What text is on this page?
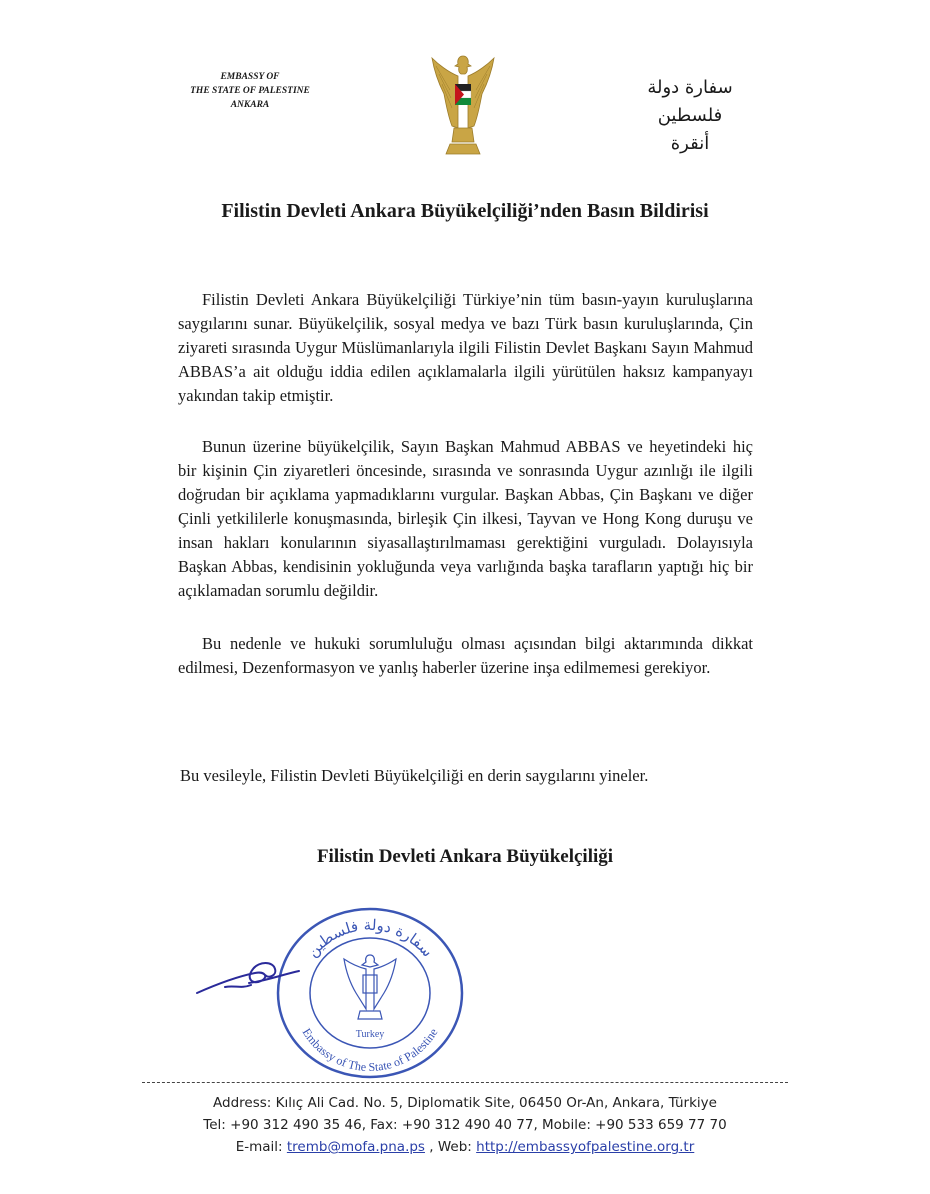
EMBASSY OF
THE STATE OF PALESTINE
ANKARA
سفارة دولة فلسطين
أنقرة
Filistin Devleti Ankara Büyükelçiliği’nden Basın Bildirisi

Filistin Devleti Ankara Büyükelçiliği Türkiye’nin tüm basın-yayın kuruluşlarına saygılarını sunar. Büyükelçilik, sosyal medya ve bazı Türk basın kuruluşlarında, Çin ziyareti sırasında Uygur Müslümanlarıyla ilgili Filistin Devlet Başkanı Sayın Mahmud ABBAS’a ait olduğu iddia edilen açıklamalarla ilgili yürütülen haksız kampanyayı yakından takip etmiştir.

Bunun üzerine büyükelçilik, Sayın Başkan Mahmud ABBAS ve heyetindeki hiç bir kişinin Çin ziyaretleri öncesinde, sırasında ve sonrasında Uygur azınlığı ile ilgili doğrudan bir açıklama yapmadıklarını vurgular. Başkan Abbas, Çin Başkanı ve diğer Çinli yetkililerle konuşmasında, birleşik Çin ilkesi, Tayvan ve Hong Kong duruşu ve insan hakları konularının siyasallaştırılmaması gerektiğini vurguladı. Dolayısıyla Başkan Abbas, kendisinin yokluğunda veya varlığında başka tarafların yaptığı hiç bir açıklamadan sorumlu değildir.

Bu nedenle ve hukuki sorumluluğu olması açısından bilgi aktarımında dikkat edilmesi, Dezenformasyon ve yanlış haberler üzerine inşa edilmemesi gerekiyor.

Bu vesileyle, Filistin Devleti Büyükelçiliği en derin saygılarını yineler.
Filistin Devleti Ankara Büyükelçiliği
سفارة دولة فلسطين
Embassy of The State of Palestine
Turkey
Address: Kılıç Ali Cad. No. 5, Diplomatik Site, 06450 Or-An, Ankara, Türkiye
Tel: +90 312 490 35 46, Fax: +90 312 490 40 77, Mobile: +90 533 659 77 70
E-mail: tremb@mofa.pna.ps , Web: http://embassyofpalestine.org.tr
